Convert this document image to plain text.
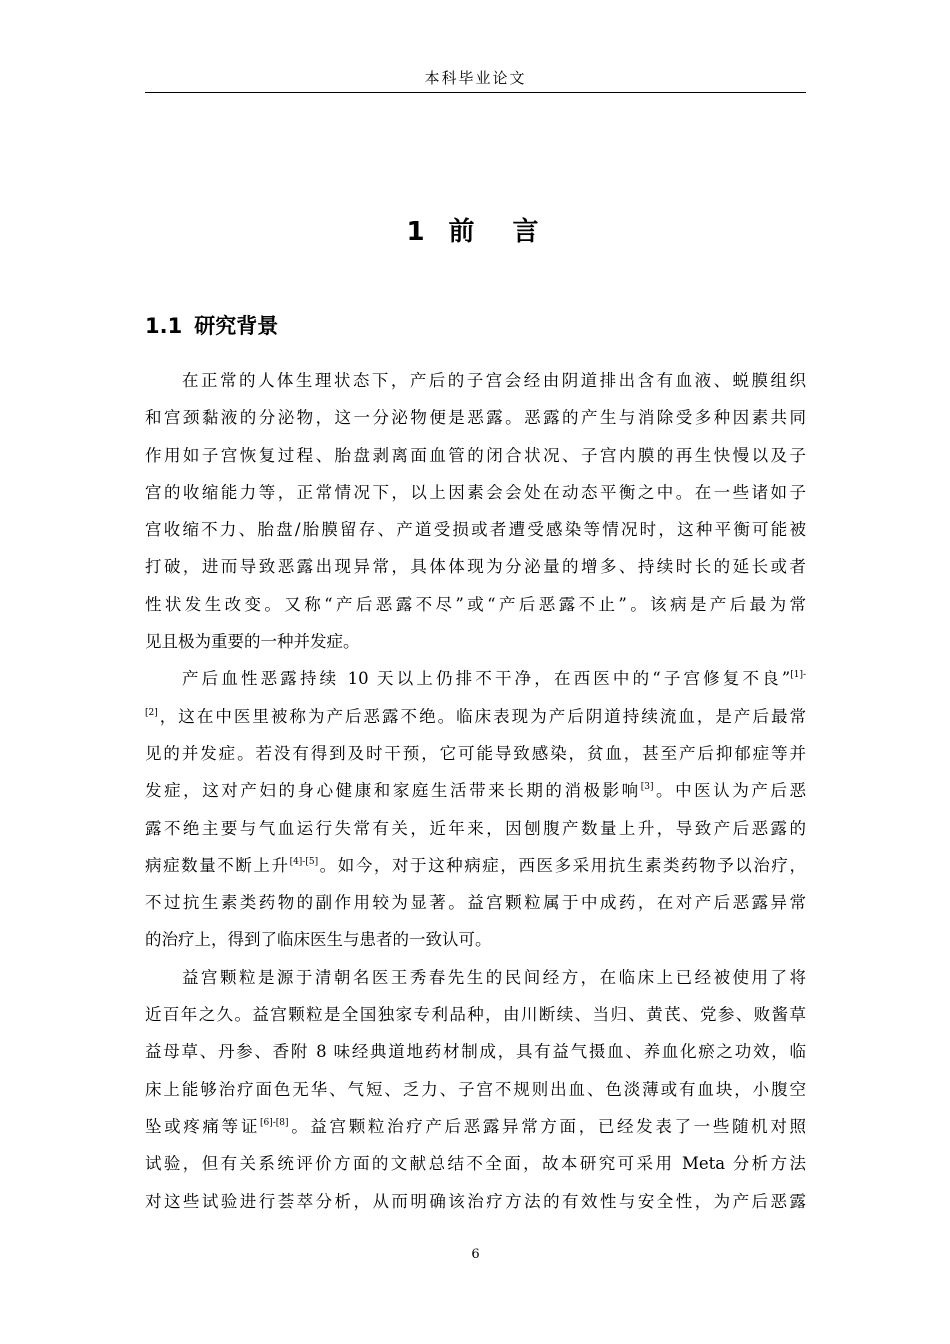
本科毕业论文
1 前　言
1.1 研究背景
在正常的人体生理状态下，产后的子宫会经由阴道排出含有血液、蜕膜组织
和宫颈黏液的分泌物，这一分泌物便是恶露。恶露的产生与消除受多种因素共同
作用如子宫恢复过程、胎盘剥离面血管的闭合状况、子宫内膜的再生快慢以及子
宫的收缩能力等，正常情况下，以上因素会会处在动态平衡之中。在一些诸如子
宫收缩不力、胎盘/胎膜留存、产道受损或者遭受感染等情况时，这种平衡可能被
打破，进而导致恶露出现异常，具体体现为分泌量的增多、持续时长的延长或者
性状发生改变。又称“产后恶露不尽”或“产后恶露不止”。该病是产后最为常
见且极为重要的一种并发症。
产后血性恶露持续 10 天以上仍排不干净，在西医中的“子宫修复不良”$^{[1]-}$
[2]，这在中医里被称为产后恶露不绝。临床表现为产后阴道持续流血，是产后最常
见的并发症。若没有得到及时干预，它可能导致感染，贫血，甚至产后抑郁症等并
发症，这对产妇的身心健康和家庭生活带来长期的消极影响[3]。中医认为产后恶
露不绝主要与气血运行失常有关，近年来，因刨腹产数量上升，导致产后恶露的
病症数量不断上升[4]-[5]。如今，对于这种病症，西医多采用抗生素类药物予以治疗，
不过抗生素类药物的副作用较为显著。益宫颗粒属于中成药，在对产后恶露异常
的治疗上，得到了临床医生与患者的一致认可。
益宫颗粒是源于清朝名医王秀春先生的民间经方，在临床上已经被使用了将
近百年之久。益宫颗粒是全国独家专利品种，由川断续、当归、黄芪、党参、败酱草
益母草、丹参、香附 8 味经典道地药材制成，具有益气摄血、养血化瘀之功效，临
床上能够治疗面色无华、气短、乏力、子宫不规则出血、色淡薄或有血块，小腹空
坠或疼痛等证[6]-[8]。益宫颗粒治疗产后恶露异常方面，已经发表了一些随机对照
试验，但有关系统评价方面的文献总结不全面，故本研究可采用 Meta 分析方法
对这些试验进行荟萃分析，从而明确该治疗方法的有效性与安全性，为产后恶露
6
